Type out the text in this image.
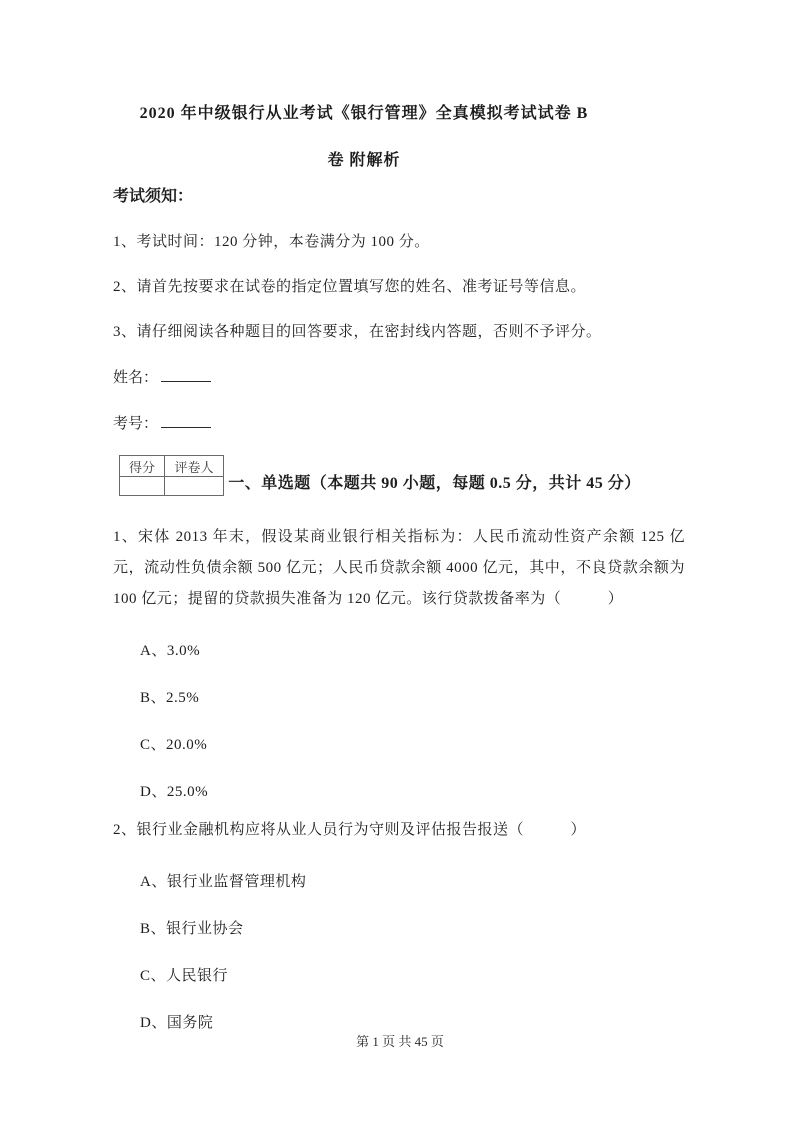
2020 年中级银行从业考试《银行管理》全真模拟考试试卷 B
卷 附解析
考试须知：

1、考试时间：120 分钟，本卷满分为 100 分。

2、请首先按要求在试卷的指定位置填写您的姓名、准考证号等信息。

3、请仔细阅读各种题目的回答要求，在密封线内答题，否则不予评分。

姓名：
考号：
得分	评卷人

一、单选题（本题共 90 小题，每题 0.5 分，共计 45 分）

1、宋体 2013 年末，假设某商业银行相关指标为：人民币流动性资产余额 125 亿元，流动性负债余额 500 亿元；人民币贷款余额 4000 亿元，其中，不良贷款余额为 100 亿元；提留的贷款损失准备为 120 亿元。该行贷款拨备率为（　　　）

A、3.0%

B、2.5%

C、20.0%

D、25.0%

2、银行业金融机构应将从业人员行为守则及评估报告报送（　　　）

A、银行业监督管理机构

B、银行业协会

C、人民银行

D、国务院

第 1 页 共 45 页
